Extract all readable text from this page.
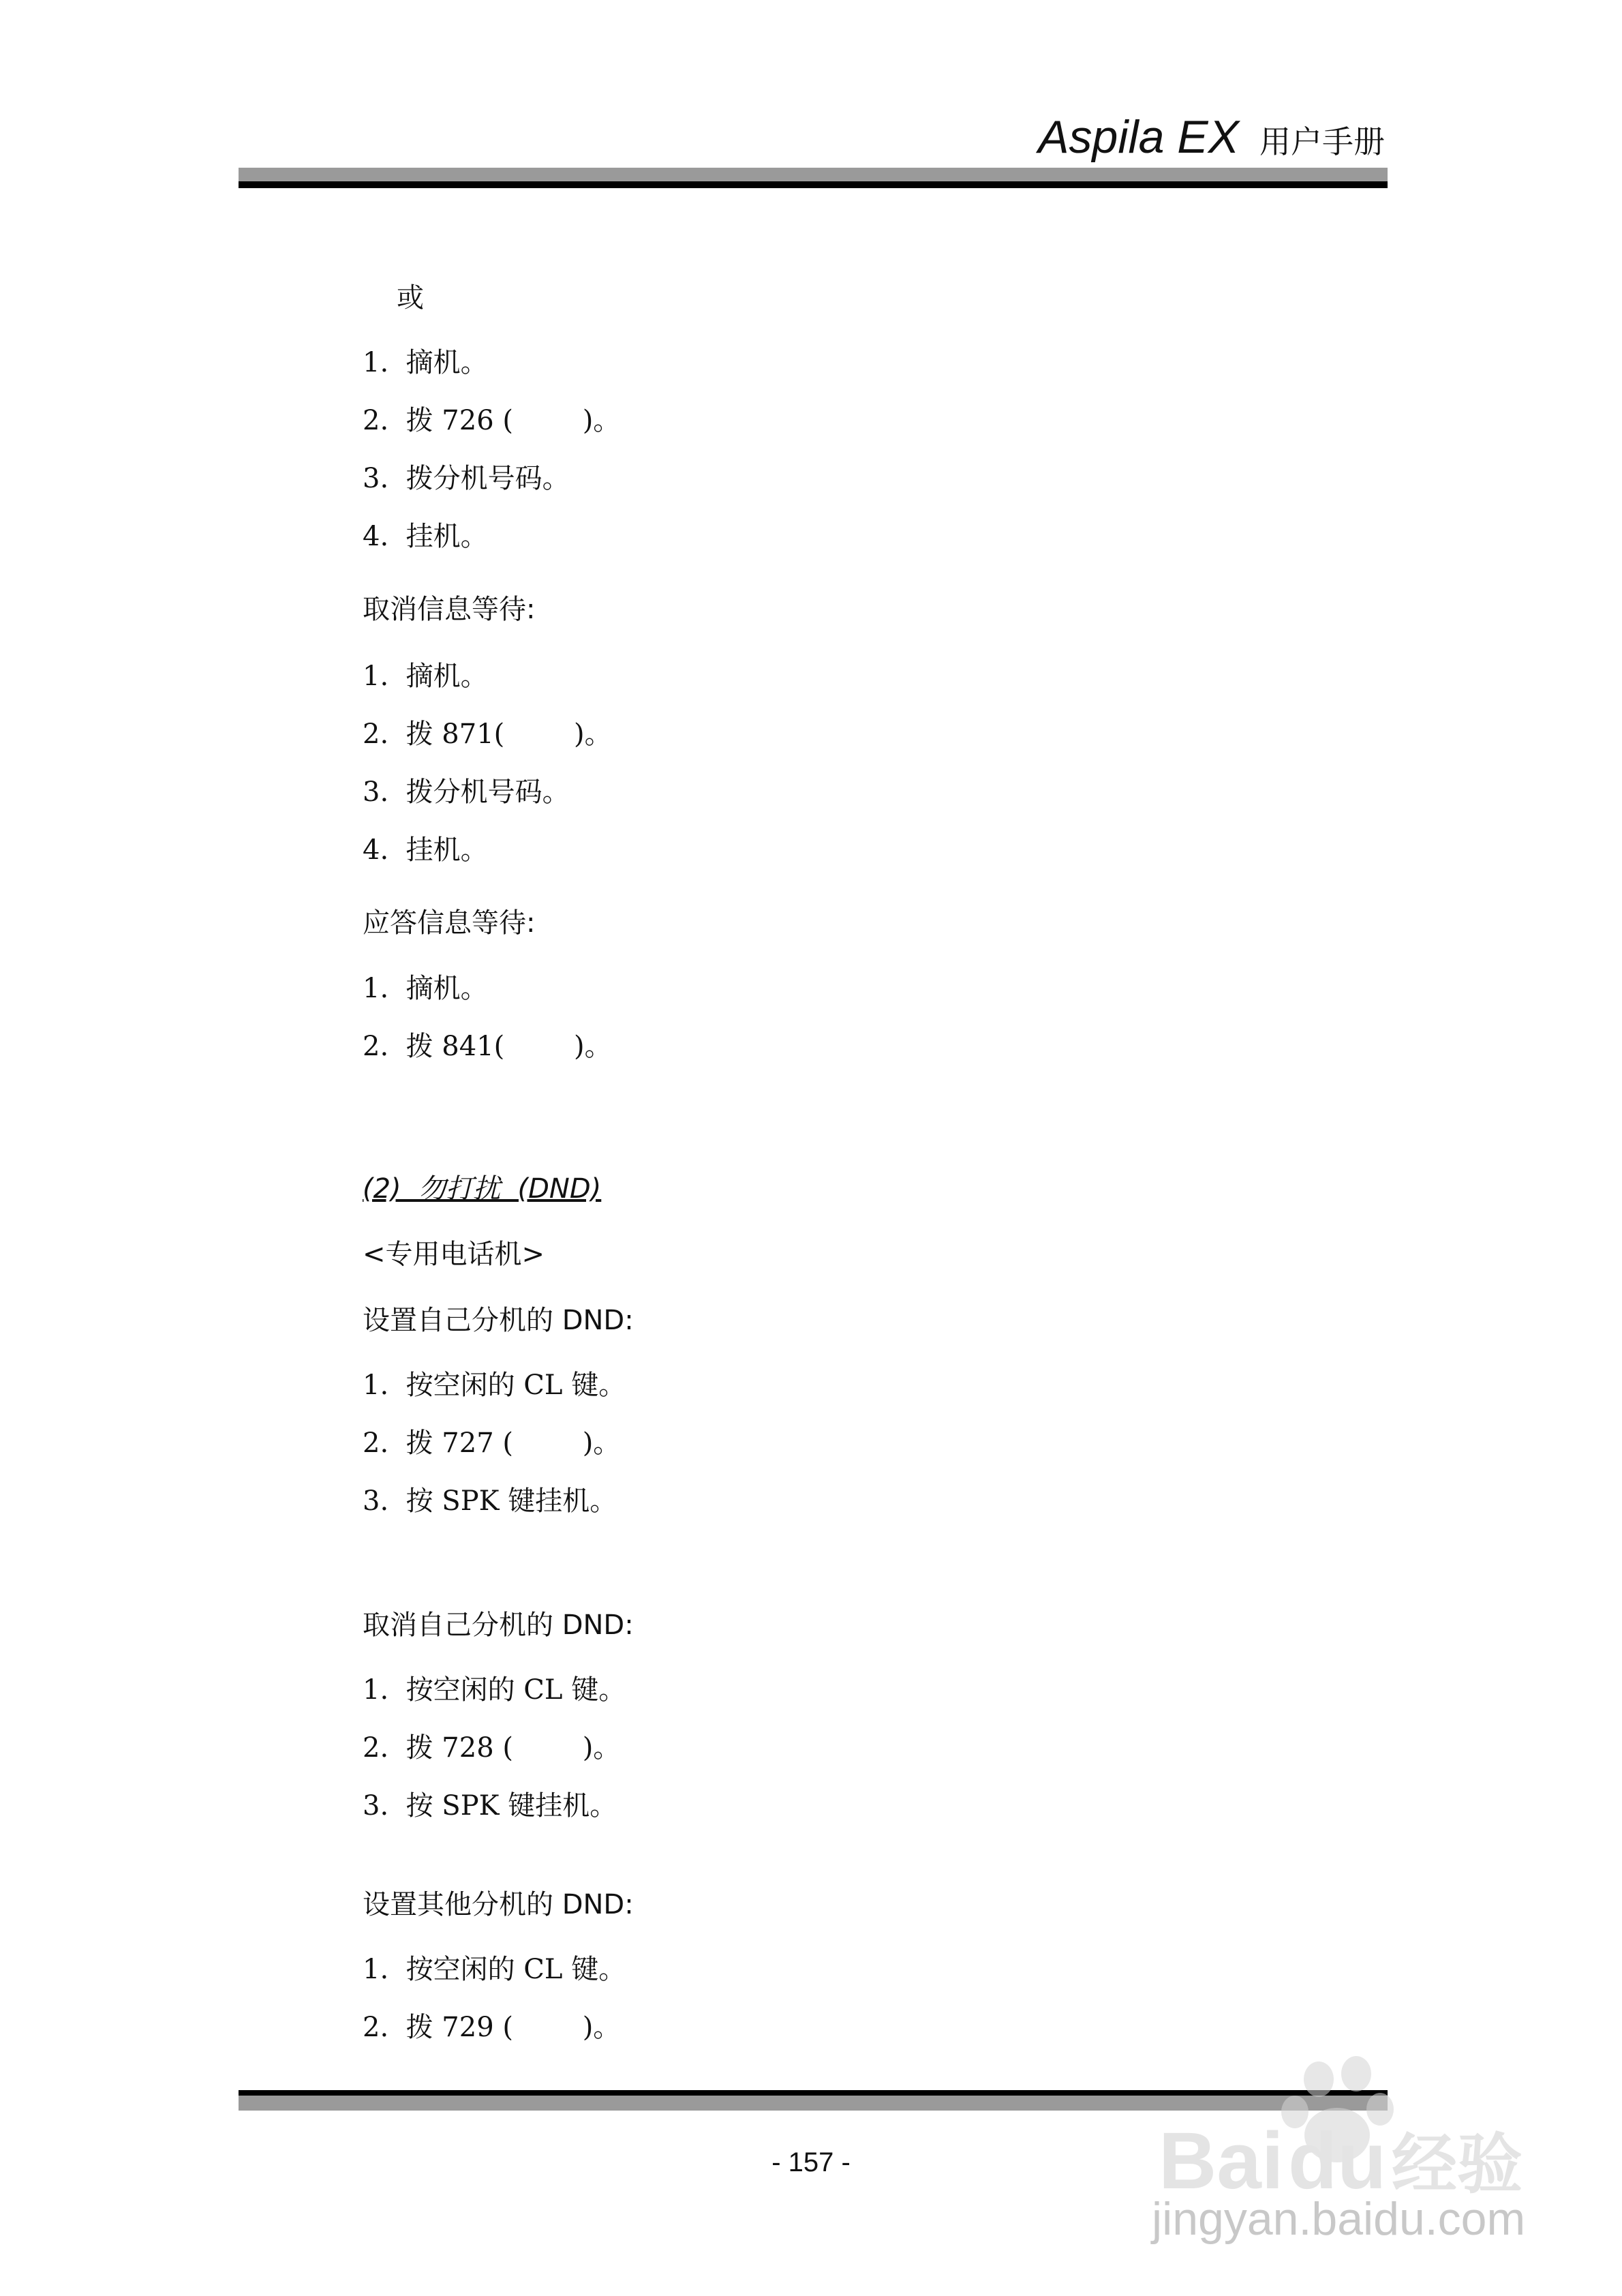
Aspila EX 用户手册
或
1.  摘机。
2.  拨 726 (        )。
3.  拨分机号码。
4.  挂机。
取消信息等待:
1.  摘机。
2.  拨 871(        )。
3.  拨分机号码。
4.  挂机。
应答信息等待:
1.  摘机。
2.  拨 841(        )。
(2)  勿打扰  (DND)
<专用电话机>
设置自己分机的 DND:
1.  按空闲的 CL 键。
2.  拨 727 (        )。
3.  按 SPK 键挂机。
取消自己分机的 DND:
1.  按空闲的 CL 键。
2.  拨 728 (        )。
3.  按 SPK 键挂机。
设置其他分机的 DND:
1.  按空闲的 CL 键。
2.  拨 729 (        )。
- 157 -	Bai du 经验
jingyan.baidu.com
